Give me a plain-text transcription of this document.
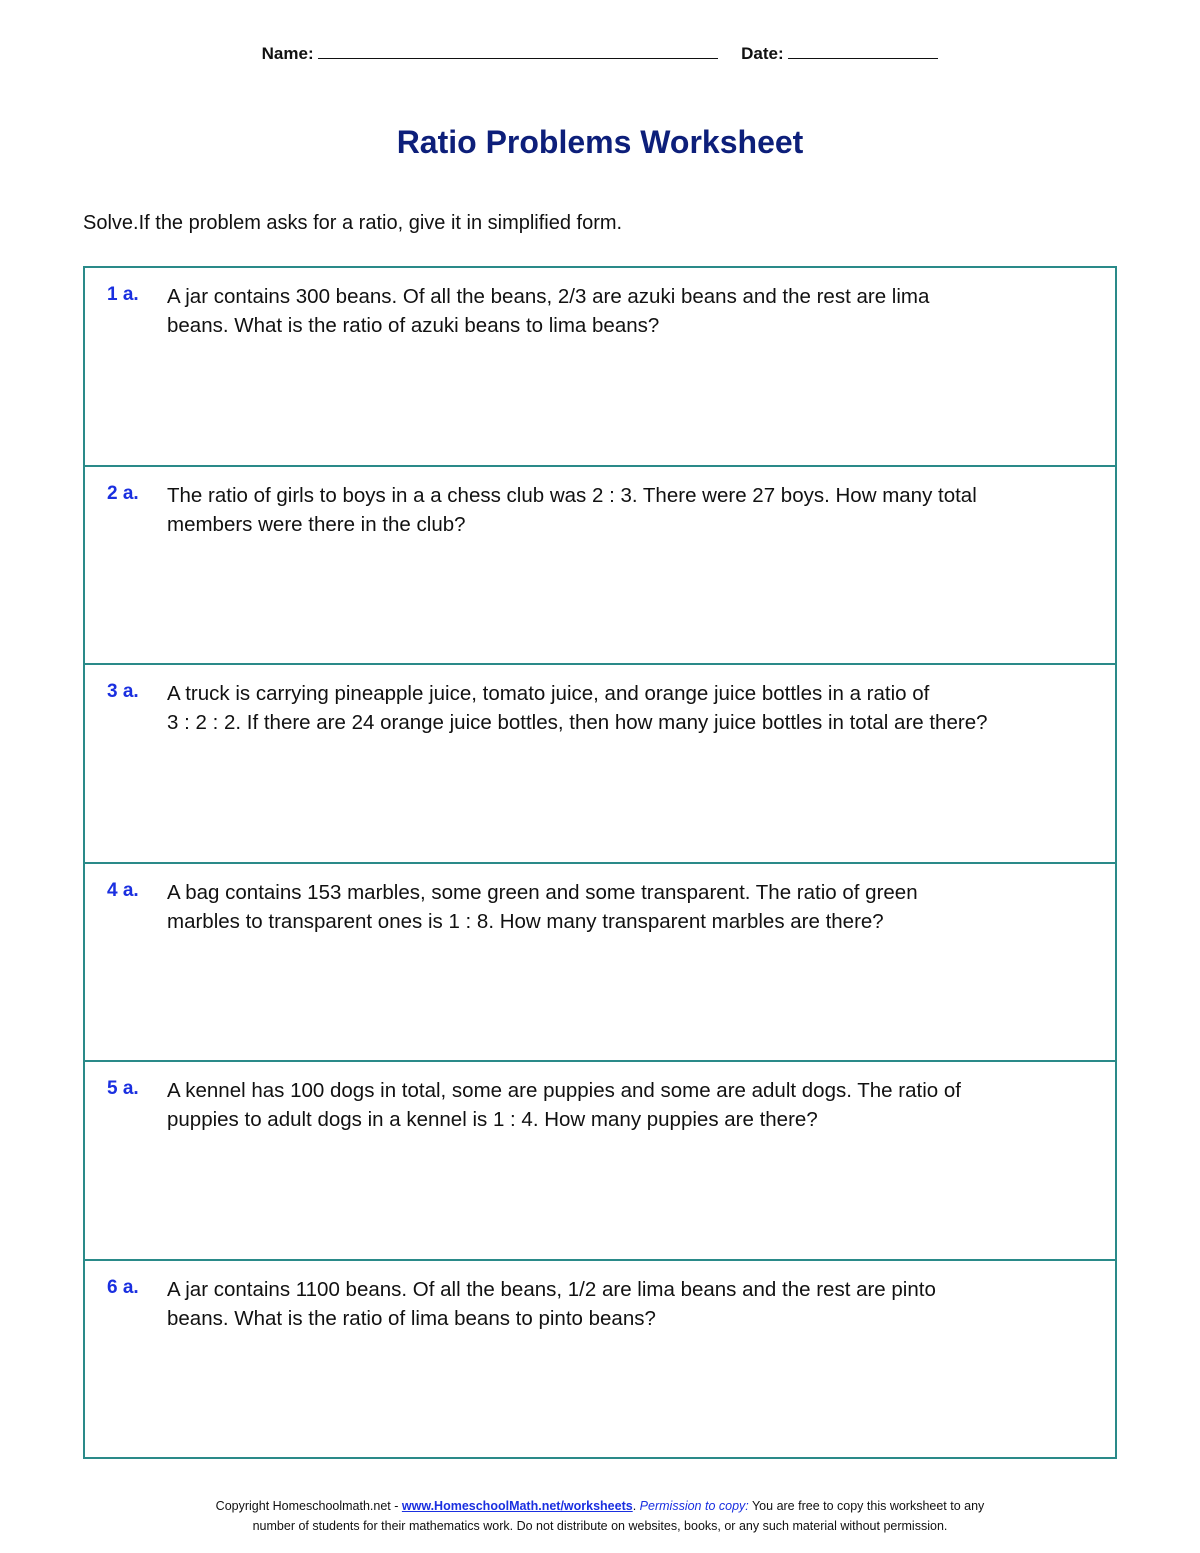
Name:	Date:
Ratio Problems Worksheet

Solve.If the problem asks for a ratio, give it in simplified form.

1 a. A jar contains 300 beans. Of all the beans, 2/3 are azuki beans and the rest are lima
beans. What is the ratio of azuki beans to lima beans?
2 a. The ratio of girls to boys in a a chess club was 2 : 3. There were 27 boys. How many total
members were there in the club?
3 a. A truck is carrying pineapple juice, tomato juice, and orange juice bottles in a ratio of
3 : 2 : 2. If there are 24 orange juice bottles, then how many juice bottles in total are there?
4 a. A bag contains 153 marbles, some green and some transparent. The ratio of green
marbles to transparent ones is 1 : 8. How many transparent marbles are there?
5 a. A kennel has 100 dogs in total, some are puppies and some are adult dogs. The ratio of
puppies to adult dogs in a kennel is 1 : 4. How many puppies are there?
6 a. A jar contains 1100 beans. Of all the beans, 1/2 are lima beans and the rest are pinto
beans. What is the ratio of lima beans to pinto beans?
Copyright Homeschoolmath.net - www.HomeschoolMath.net/worksheets. Permission to copy: You are free to copy this worksheet to any
number of students for their mathematics work. Do not distribute on websites, books, or any such material without permission.
